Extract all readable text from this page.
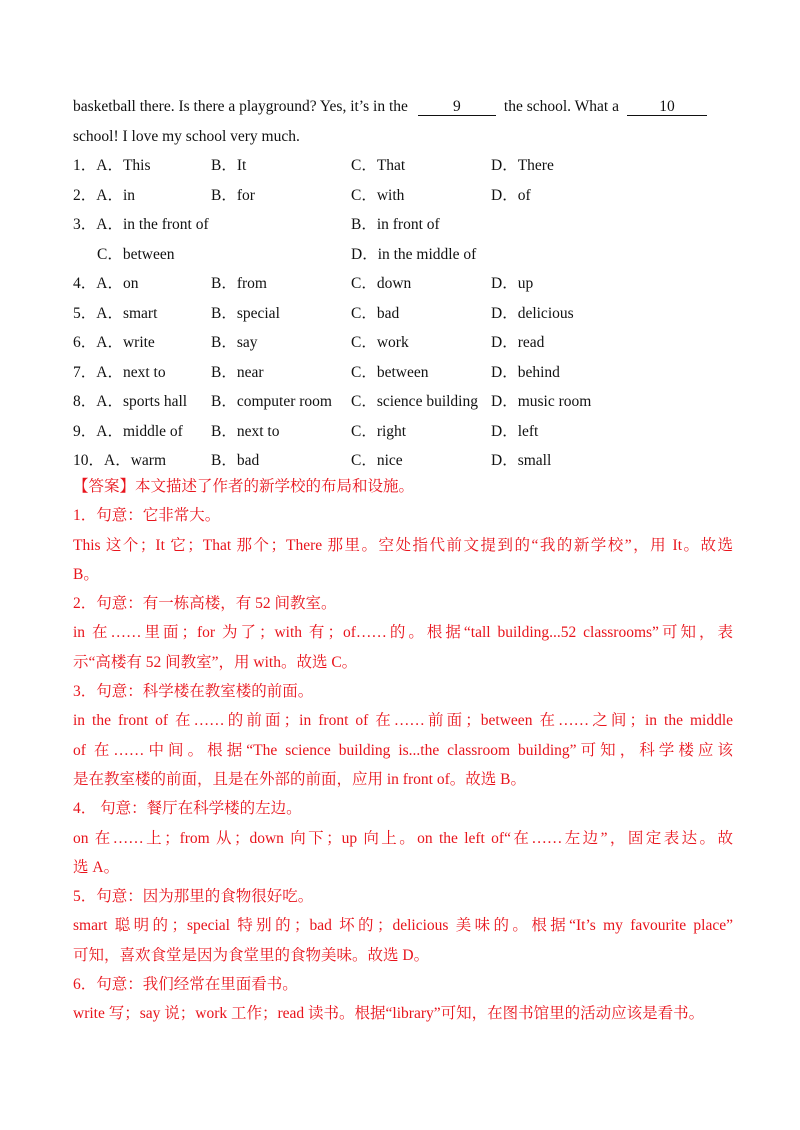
basketball there. Is there a playground? Yes, it’s in the	9	the school. What a	10
school! I love my school very much.
1．A．This	B．It	C．That	D．There
2．A．in	B．for	C．with	D．of
3．A．in the front of	B．in front of
C．between	D．in the middle of
4．A．on	B．from	C．down	D．up
5．A．smart	B．special	C．bad	D．delicious
6．A．write	B．say	C．work	D．read
7．A．next to	B．near	C．between	D．behind
8．A．sports hall	B．computer room	C．science building D．music room
9．A．middle of	B．next to	C．right	D．left
10．A．warm	B．bad	C．nice	D．small
【答案】本文描述了作者的新学校的布局和设施。
1．句意：它非常大。
This 这个；It 它；That 那个；There 那里。空处指代前文提到的“我的新学校”，用 It。故选
B。
2．句意：有一栋高楼，有 52 间教室。
in 在……里面；for 为了；with 有；of……的。根据“tall building...52 classrooms”可知，表
示“高楼有 52 间教室”，用 with。故选 C。
3．句意：科学楼在教室楼的前面。
in the front of 在……的前面；in front of 在……前面；between 在……之间；in the middle
of 在……中间。根据“The science building is...the classroom building”可知，科学楼应该
是在教室楼的前面，且是在外部的前面，应用 in front of。故选 B。
4． 句意：餐厅在科学楼的左边。
on 在……上；from 从；down 向下；up 向上。on the left of“在……左边”，固定表达。故
选 A。
5．句意：因为那里的食物很好吃。
smart 聪明的；special 特别的；bad 坏的；delicious 美味的。根据“It’s my favourite place”
可知，喜欢食堂是因为食堂里的食物美味。故选 D。
6．句意：我们经常在里面看书。
write 写；say 说；work 工作；read 读书。根据“library”可知，在图书馆里的活动应该是看书。
